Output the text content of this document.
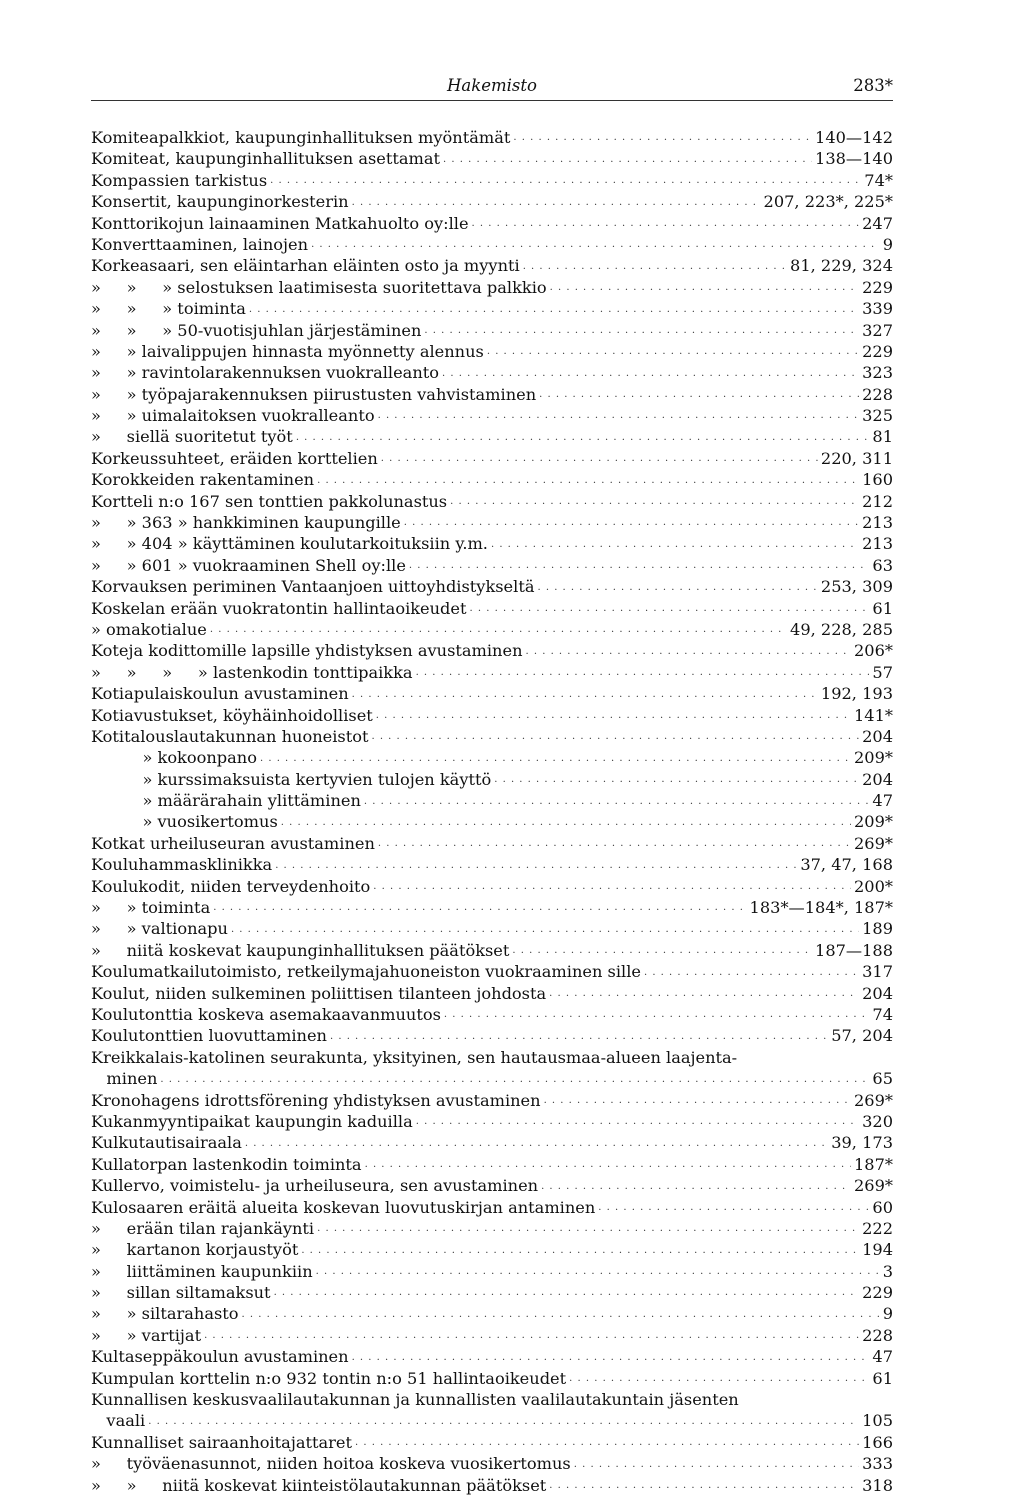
Hakemisto	283*
Komiteapalkkiot, kaupunginhallituksen myöntämät . . .	140—142
Komiteat, kaupunginhallituksen asettamat . . .	138—140
Kompassien tarkistus . . .	74*
Konsertit, kaupunginorkesterin . . .	207, 223*, 225*
Konttorikojun lainaaminen Matkahuolto oy:lle . . .	247
Konverttaaminen, lainojen . . .	9
Korkeasaari, sen eläintarhan eläinten osto ja myynti . . .	81, 229, 324
»     »     » selostuksen laatimisesta suoritettava palkkio . . .	229
»     »     » toiminta . . .	339
»     »     » 50-vuotisjuhlan järjestäminen . . .	327
»     » laivalippujen hinnasta myönnetty alennus . . .	229
»     » ravintolarakennuksen vuokralleanto . . .	323
»     » työpajarakennuksen piirustusten vahvistaminen . . .	228
»     » uimalaitoksen vuokralleanto . . .	325
»     siellä suoritetut työt . . .	81
Korkeussuhteet, eräiden korttelien . . .	220, 311
Korokkeiden rakentaminen . . .	160
Kortteli n:o 167 sen tonttien pakkolunastus . . .	212
»     » 363 » hankkiminen kaupungille . . .	213
»     » 404 » käyttäminen koulutarkoituksiin y.m. . . .	213
»     » 601 » vuokraaminen Shell oy:lle . . .	63
Korvauksen periminen Vantaanjoen uittoyhdistykseltä . . .	253, 309
Koskelan erään vuokratontin hallintaoikeudet . . .	61
» omakotialue . . .	49, 228, 285
Koteja kodittomille lapsille yhdistyksen avustaminen . . .	206*
»     »     »     » lastenkodin tonttipaikka . . .	57
Kotiapulaiskoulun avustaminen . . .	192, 193
Kotiavustukset, köyhäinhoidolliset . . .	141*
Kotitalouslautakunnan huoneistot . . .	204
» kokoonpano . . .	209*
» kurssimaksuista kertyvien tulojen käyttö . . .	204
» määrärahain ylittäminen . . .	47
» vuosikertomus . . .	209*
Kotkat urheiluseuran avustaminen . . .	269*
Kouluhammasklinikka . . .	37, 47, 168
Koulukodit, niiden terveydenhoito . . .	200*
»     » toiminta . . .	183*—184*, 187*
»     » valtionapu . . .	189
»     niitä koskevat kaupunginhallituksen päätökset . . .	187—188
Koulumatkailutoimisto, retkeilymajahuoneiston vuokraaminen sille . . .	317
Koulut, niiden sulkeminen poliittisen tilanteen johdosta . . .	204
Koulutonttia koskeva asemakaavanmuutos . . .	74
Koulutonttien luovuttaminen . . .	57, 204
Kreikkalais-katolinen seurakunta, yksityinen, sen hautausmaa-alueen laajenta-
minen . . .	65
Kronohagens idrottsförening yhdistyksen avustaminen . . .	269*
Kukanmyyntipaikat kaupungin kaduilla . . .	320
Kulkutautisairaala . . .	39, 173
Kullatorpan lastenkodin toiminta . . .	187*
Kullervo, voimistelu- ja urheiluseura, sen avustaminen . . .	269*
Kulosaaren eräitä alueita koskevan luovutuskirjan antaminen . . .	60
»     erään tilan rajankäynti . . .	222
»     kartanon korjaustyöt . . .	194
»     liittäminen kaupunkiin . . .	3
»     sillan siltamaksut . . .	229
»     » siltarahasto . . .	9
»     » vartijat . . .	228
Kultaseppäkoulun avustaminen . . .	47
Kumpulan korttelin n:o 932 tontin n:o 51 hallintaoikeudet . . .	61
Kunnallisen keskusvaalilautakunnan ja kunnallisten vaalilautakuntain jäsenten
vaali . . .	105
Kunnalliset sairaanhoitajattaret . . .	166
»     työväenasunnot, niiden hoitoa koskeva vuosikertomus . . .	333
»     »     niitä koskevat kiinteistölautakunnan päätökset . . .	318
